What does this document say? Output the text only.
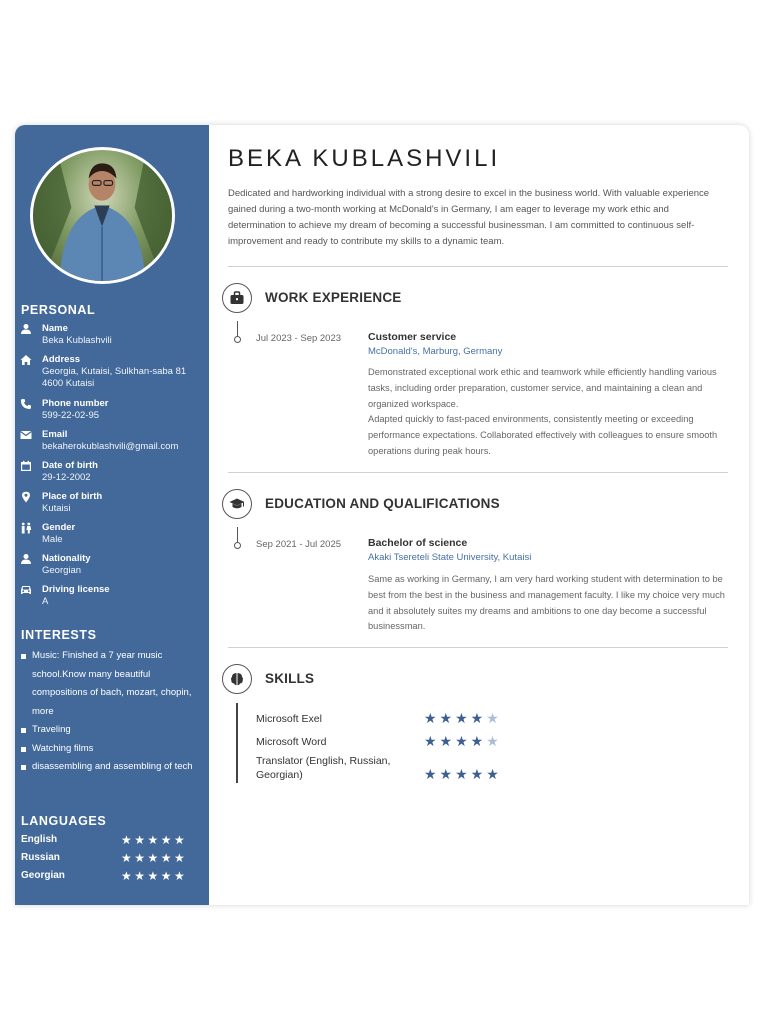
PERSONAL
Name
Beka Kublashvili
Address
Georgia, Kutaisi, Sulkhan-saba 81 4600 Kutaisi
Phone number
599-22-02-95
Email
bekaherokublashvili@gmail.com
Date of birth
29-12-2002
Place of birth
Kutaisi
Gender
Male
Nationality
Georgian
Driving license
A
INTERESTS
Music: Finished a 7 year music school.Know many beautiful compositions of bach, mozart, chopin, more
Traveling
Watching films
disassembling and assembling of tech
LANGUAGES
English	★★★★★
Russian	★★★★★
Georgian	★★★★★
BEKA KUBLASHVILI
Dedicated and hardworking individual with a strong desire to excel in the business world. With valuable experience gained during a two-month working at McDonald's in Germany, I am eager to leverage my work ethic and determination to achieve my dream of becoming a successful businessman. I am committed to continuous self-improvement and ready to contribute my skills to a dynamic team.
WORK EXPERIENCE
Jul 2023 - Sep 2023	Customer service
McDonald's, Marburg, Germany
Demonstrated exceptional work ethic and teamwork while efficiently handling various tasks, including order preparation, customer service, and maintaining a clean and organized workspace.
Adapted quickly to fast-paced environments, consistently meeting or exceeding performance expectations. Collaborated effectively with colleagues to ensure smooth operations during peak hours.
EDUCATION AND QUALIFICATIONS
Sep 2021 - Jul 2025	Bachelor of science
Akaki Tsereteli State University, Kutaisi
Same as working in Germany, I am very hard working student with determination to be best from the best in the business and management faculty. I like my choice very much and it absolutely suites my dreams and ambitions to one day become a successful businessman.
SKILLS
Microsoft Exel	★★★★★
Microsoft Word	★★★★★
Translator (English, Russian, Georgian)	★★★★★
